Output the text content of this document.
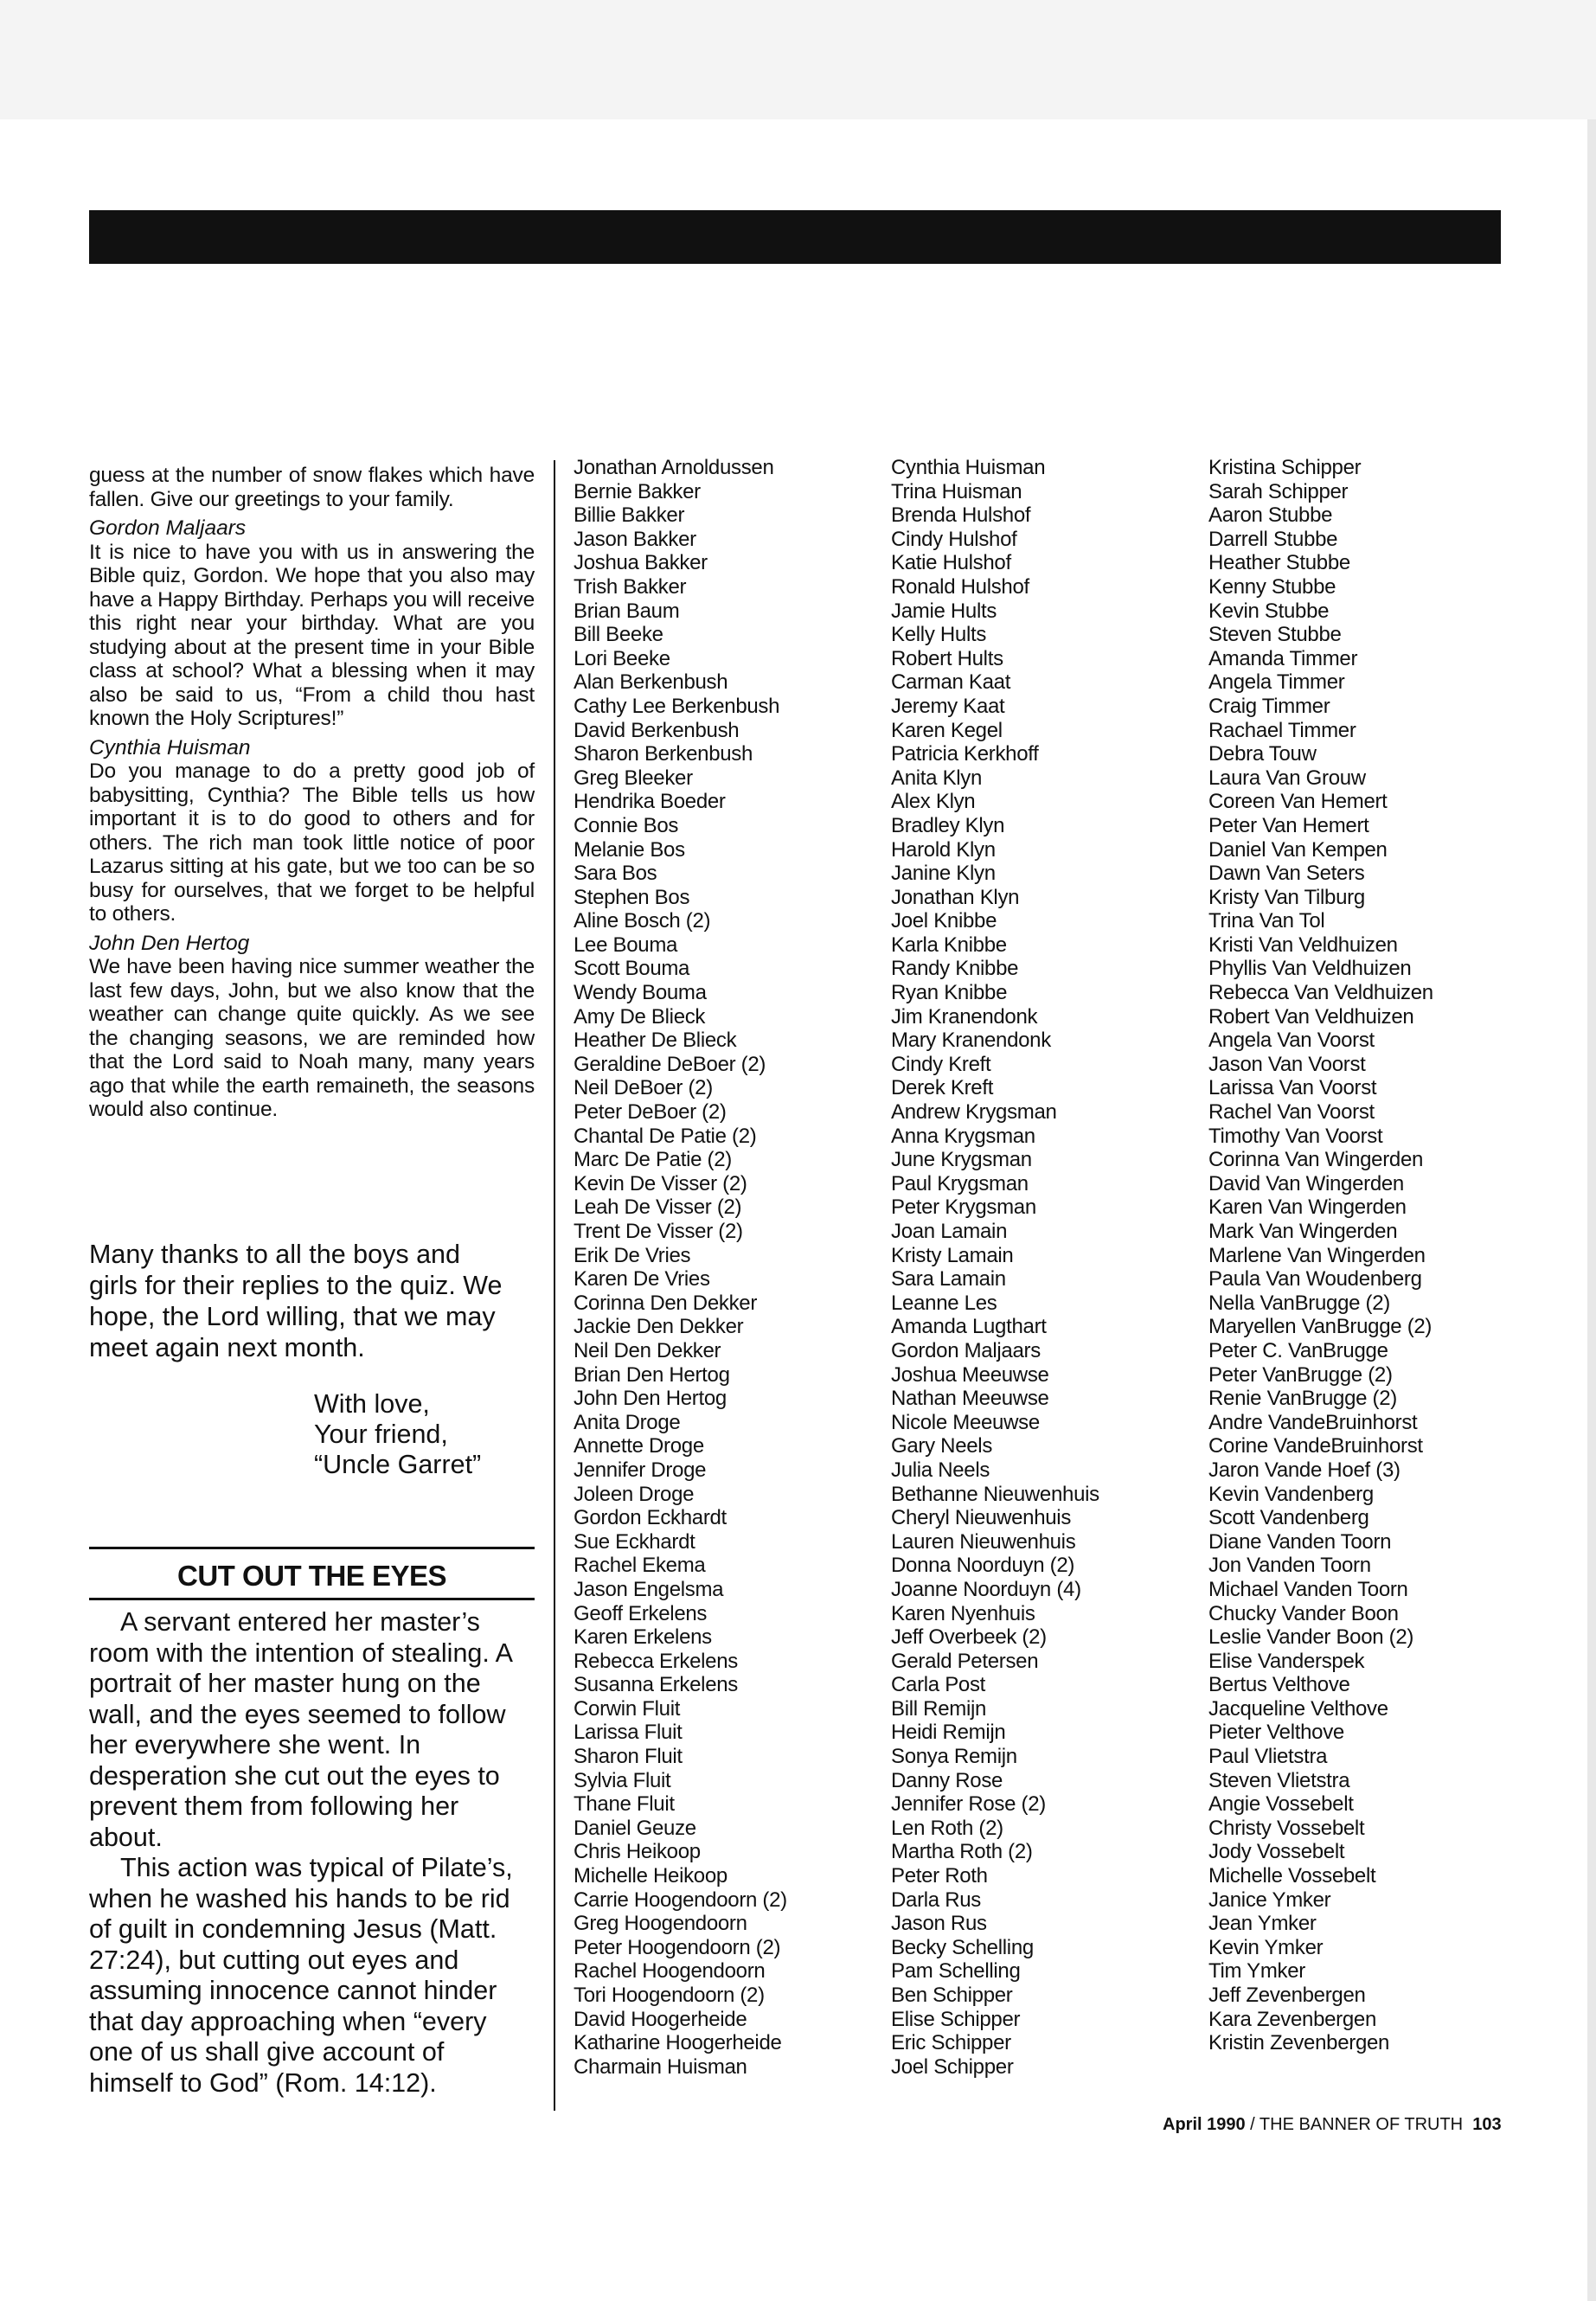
guess at the number of snow flakes which have fallen. Give our greetings to your family.

Gordon Maljaars

It is nice to have you with us in answering the Bible quiz, Gordon. We hope that you also may have a Happy Birthday. Perhaps you will receive this right near your birthday. What are you studying about at the present time in your Bible class at school? What a blessing when it may also be said to us, “From a child thou hast known the Holy Scriptures!”

Cynthia Huisman

Do you manage to do a pretty good job of babysitting, Cynthia? The Bible tells us how important it is to do good to others and for others. The rich man took little notice of poor Lazarus sitting at his gate, but we too can be so busy for ourselves, that we forget to be helpful to others.

John Den Hertog

We have been having nice summer weather the last few days, John, but we also know that the weather can change quite quickly. As we see the changing seasons, we are reminded how that the Lord said to Noah many, many years ago that while the earth remaineth, the seasons would also continue.

Many thanks to all the boys and girls for their replies to the quiz. We hope, the Lord willing, that we may meet again next month.

With love,
Your friend,
“Uncle Garret”
CUT OUT THE EYES

A servant entered her master’s room with the intention of stealing. A portrait of her master hung on the wall, and the eyes seemed to follow her everywhere she went. In desperation she cut out the eyes to prevent them from following her about.

This action was typical of Pilate’s, when he washed his hands to be rid of guilt in condemning Jesus (Matt. 27:24), but cutting out eyes and assuming innocence cannot hinder that day approaching when “every one of us shall give account of himself to God” (Rom. 14:12).

Jonathan Arnoldussen
Bernie Bakker
Billie Bakker
Jason Bakker
Joshua Bakker
Trish Bakker
Brian Baum
Bill Beeke
Lori Beeke
Alan Berkenbush
Cathy Lee Berkenbush
David Berkenbush
Sharon Berkenbush
Greg Bleeker
Hendrika Boeder
Connie Bos
Melanie Bos
Sara Bos
Stephen Bos
Aline Bosch (2)
Lee Bouma
Scott Bouma
Wendy Bouma
Amy De Blieck
Heather De Blieck
Geraldine DeBoer (2)
Neil DeBoer (2)
Peter DeBoer (2)
Chantal De Patie (2)
Marc De Patie (2)
Kevin De Visser (2)
Leah De Visser (2)
Trent De Visser (2)
Erik De Vries
Karen De Vries
Corinna Den Dekker
Jackie Den Dekker
Neil Den Dekker
Brian Den Hertog
John Den Hertog
Anita Droge
Annette Droge
Jennifer Droge
Joleen Droge
Gordon Eckhardt
Sue Eckhardt
Rachel Ekema
Jason Engelsma
Geoff Erkelens
Karen Erkelens
Rebecca Erkelens
Susanna Erkelens
Corwin Fluit
Larissa Fluit
Sharon Fluit
Sylvia Fluit
Thane Fluit
Daniel Geuze
Chris Heikoop
Michelle Heikoop
Carrie Hoogendoorn (2)
Greg Hoogendoorn
Peter Hoogendoorn (2)
Rachel Hoogendoorn
Tori Hoogendoorn (2)
David Hoogerheide
Katharine Hoogerheide
Charmain Huisman
Cynthia Huisman
Trina Huisman
Brenda Hulshof
Cindy Hulshof
Katie Hulshof
Ronald Hulshof
Jamie Hults
Kelly Hults
Robert Hults
Carman Kaat
Jeremy Kaat
Karen Kegel
Patricia Kerkhoff
Anita Klyn
Alex Klyn
Bradley Klyn
Harold Klyn
Janine Klyn
Jonathan Klyn
Joel Knibbe
Karla Knibbe
Randy Knibbe
Ryan Knibbe
Jim Kranendonk
Mary Kranendonk
Cindy Kreft
Derek Kreft
Andrew Krygsman
Anna Krygsman
June Krygsman
Paul Krygsman
Peter Krygsman
Joan Lamain
Kristy Lamain
Sara Lamain
Leanne Les
Amanda Lugthart
Gordon Maljaars
Joshua Meeuwse
Nathan Meeuwse
Nicole Meeuwse
Gary Neels
Julia Neels
Bethanne Nieuwenhuis
Cheryl Nieuwenhuis
Lauren Nieuwenhuis
Donna Noorduyn (2)
Joanne Noorduyn (4)
Karen Nyenhuis
Jeff Overbeek (2)
Gerald Petersen
Carla Post
Bill Remijn
Heidi Remijn
Sonya Remijn
Danny Rose
Jennifer Rose (2)
Len Roth (2)
Martha Roth (2)
Peter Roth
Darla Rus
Jason Rus
Becky Schelling
Pam Schelling
Ben Schipper
Elise Schipper
Eric Schipper
Joel Schipper
Kristina Schipper
Sarah Schipper
Aaron Stubbe
Darrell Stubbe
Heather Stubbe
Kenny Stubbe
Kevin Stubbe
Steven Stubbe
Amanda Timmer
Angela Timmer
Craig Timmer
Rachael Timmer
Debra Touw
Laura Van Grouw
Coreen Van Hemert
Peter Van Hemert
Daniel Van Kempen
Dawn Van Seters
Kristy Van Tilburg
Trina Van Tol
Kristi Van Veldhuizen
Phyllis Van Veldhuizen
Rebecca Van Veldhuizen
Robert Van Veldhuizen
Angela Van Voorst
Jason Van Voorst
Larissa Van Voorst
Rachel Van Voorst
Timothy Van Voorst
Corinna Van Wingerden
David Van Wingerden
Karen Van Wingerden
Mark Van Wingerden
Marlene Van Wingerden
Paula Van Woudenberg
Nella VanBrugge (2)
Maryellen VanBrugge (2)
Peter C. VanBrugge
Peter VanBrugge (2)
Renie VanBrugge (2)
Andre VandeBruinhorst
Corine VandeBruinhorst
Jaron Vande Hoef (3)
Kevin Vandenberg
Scott Vandenberg
Diane Vanden Toorn
Jon Vanden Toorn
Michael Vanden Toorn
Chucky Vander Boon
Leslie Vander Boon (2)
Elise Vanderspek
Bertus Velthove
Jacqueline Velthove
Pieter Velthove
Paul Vlietstra
Steven Vlietstra
Angie Vossebelt
Christy Vossebelt
Jody Vossebelt
Michelle Vossebelt
Janice Ymker
Jean Ymker
Kevin Ymker
Tim Ymker
Jeff Zevenbergen
Kara Zevenbergen
Kristin Zevenbergen
April 1990 / THE BANNER OF TRUTH 103
